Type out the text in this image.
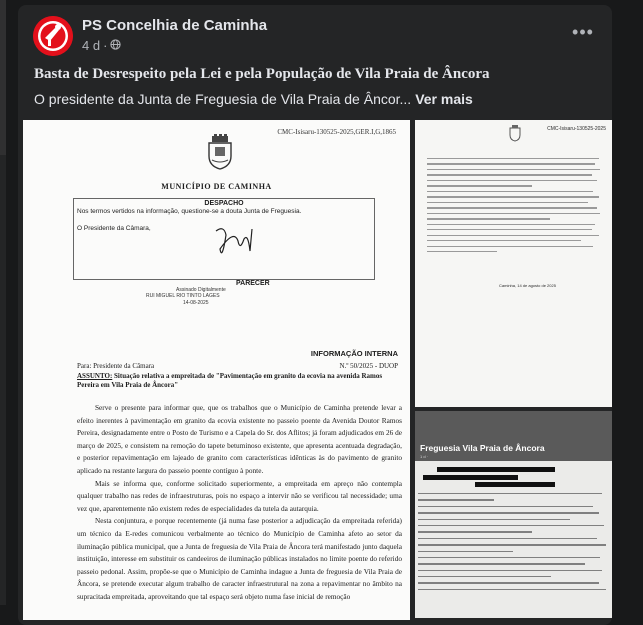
PS Concelhia de Caminha
4 d ·
•••
Basta de Desrespeito pela Lei e pela População de Vila Praia de Âncora
O presidente da Junta de Freguesia de Vila Praia de Âncor... Ver mais
CMC-Isisaru-130525-2025,GER.I,G,1865
MUNICÍPIO DE CAMINHA
DESPACHO
Nos termos vertidos na informação, questione-se a douta Junta de Freguesia.
O Presidente da Câmara,
PARECER
Assinado Digitalmente
RUI MIGUEL RIO TINTO LAGES
14-08-2025
INFORMAÇÃO INTERNA
Para: Presidente da Câmara	N.º 50/2025 - DUOP
ASSUNTO: Situação relativa a empreitada de "Pavimentação em granito da ecovia na avenida Ramos Pereira em Vila Praia de Âncora"

Serve o presente para informar que, que os trabalhos que o Município de Caminha pretende levar a efeito inerentes à pavimentação em granito da ecovia existente no passeio poente da Avenida Doutor Ramos Pereira, designadamente entre o Posto de Turismo e a Capela do Sr. dos Aflitos; já foram adjudicados em 26 de março de 2025, e consistem na remoção do tapete betuminoso existente, que apresenta acentuada degradação, e posterior repavimentação em lajeado de granito com características idênticas às do pavimento de granito aplicado na restante largura do passeio poente contíguo à ponte.

Mais se informa que, conforme solicitado superiormente, a empreitada em apreço não contempla qualquer trabalho nas redes de infraestruturas, pois no espaço a intervir não se verificou tal necessidade; uma vez que, aparentemente não existem redes de especialidades da tutela da autarquia.

Nesta conjuntura, e porque recentemente (já numa fase posterior a adjudicação da empreitada referida) um técnico da E-redes comunicou verbalmente ao técnico do Município de Caminha afeto ao setor da iluminação pública municipal, que a Junta de freguesia de Vila Praia de Âncora terá manifestado junto daquela instituição, interesse em substituir os candeeiros de iluminação públicas instalados no limite poente do referido passeio pedonal. Assim, propõe-se que o Município de Caminha indague a Junta de freguesia de Vila Praia de Âncora, se pretende executar algum trabalho de caracter infraestrutural na zona a repavimentar no âmbito na supracitada empreitada, aproveitando que tal espaço será objeto numa fase inicial de remoção

CMC-Isisaru-130525-2025
Caminha, 14 de agosto de 2025
Freguesia Vila Praia de Âncora
1 d ·
